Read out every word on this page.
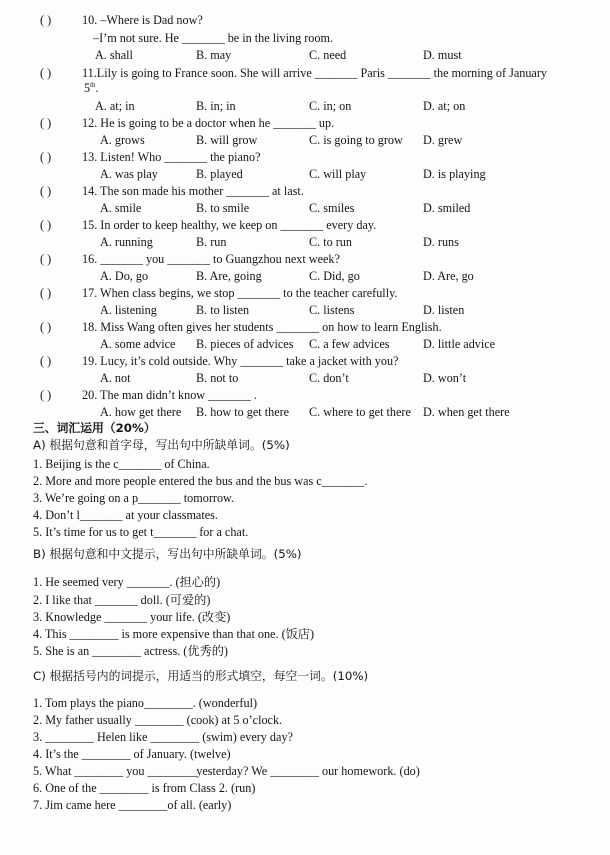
( )	10. –Where is Dad now?
–I’m not sure. He _______ be in the living room.
A. shall	B. may	C. need	D. must
( )	11.Lily is going to France soon. She will arrive _______ Paris _______ the morning of January
5th.
A. at; in	B. in; in	C. in; on	D. at; on
( )	12. He is going to be a doctor when he _______ up.
A. grows	B. will grow	C. is going to grow D. grew
( )	13. Listen! Who _______ the piano?
A. was play	B. played	C. will play	D. is playing
( )	14. The son made his mother _______ at last.
A. smile	B. to smile	C. smiles	D. smiled
( )	15. In order to keep healthy, we keep on _______ every day.
A. running	B. run	C. to run	D. runs
( )	16. _______ you _______ to Guangzhou next week?
A. Do, go	B. Are, going	C. Did, go	D. Are, go
( )	17. When class begins, we stop _______ to the teacher carefully.
A. listening	B. to listen	C. listens	D. listen
( )	18. Miss Wang often gives her students _______ on how to learn English.
A. some advice B. pieces of advices C. a few advices	D. little advice
( )	19. Lucy, it’s cold outside. Why _______ take a jacket with you?
A. not	B. not to	C. don’t	D. won’t
( )	20. The man didn’t know _______ .
A. how get there B. how to get there C. where to get there D. when get there
三、词汇运用（20%）
A) 根据句意和首字母，写出句中所缺单词。(5%)
1. Beijing is the c_______ of China.
2. More and more people entered the bus and the bus was c_______.
3. We’re going on a p_______ tomorrow.
4. Don’t l_______ at your classmates.
5. It’s time for us to get t_______ for a chat.
B) 根据句意和中文提示，写出句中所缺单词。(5%)
1. He seemed very _______. (担心的)
2. I like that _______ doll. (可爱的)
3. Knowledge _______ your life. (改变)
4. This ________ is more expensive than that one. (饭店)
5. She is an ________ actress. (优秀的)
C) 根据括号内的词提示，用适当的形式填空，每空一词。(10%)
1. Tom plays the piano________. (wonderful)
2. My father usually ________ (cook) at 5 o’clock.
3. ________ Helen like ________ (swim) every day?
4. It’s the ________ of January. (twelve)
5. What ________ you ________yesterday? We ________ our homework. (do)
6. One of the ________ is from Class 2. (run)
7. Jim came here ________of all. (early)
